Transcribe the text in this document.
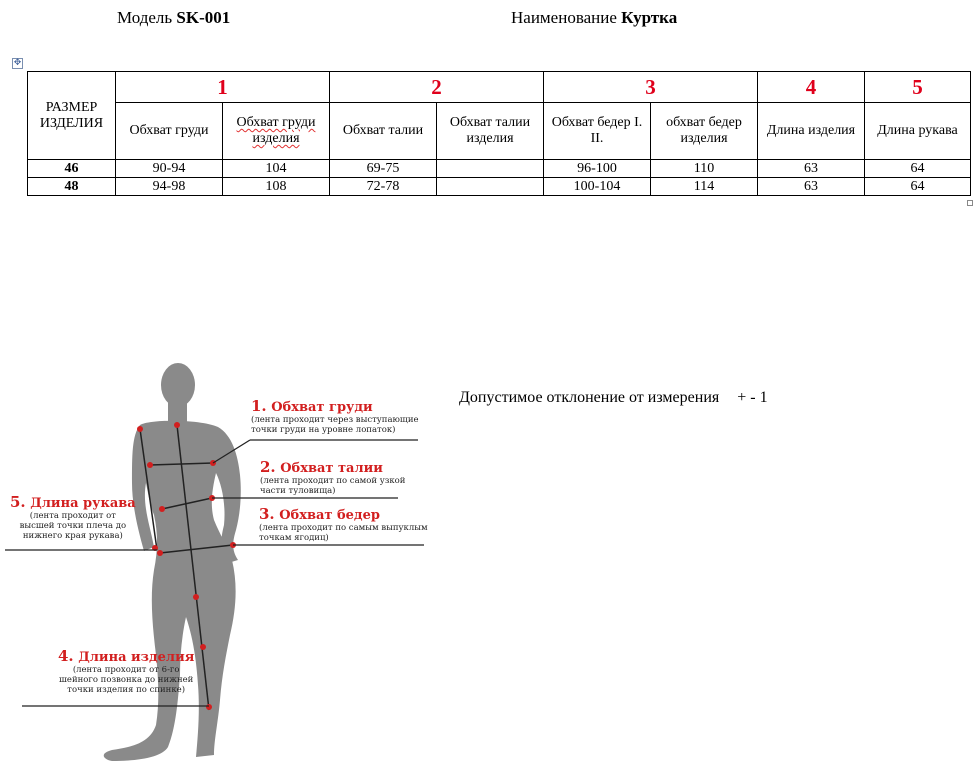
Модель SK-001	Наименование Куртка
✥
РАЗМЕР ИЗДЕЛИЯ	1		2		3		4	5
	Обхват груди	Обхват груди изделия	Обхват талии	Обхват талии изделия	Обхват бедер I. II.	обхват бедер изделия	Длина изделия	Длина рукава
46	90-94	104	69-75		96-100	110	63	64
48	94-98	108	72-78		100-104	114	63	64
Допустимое отклонение от измерения + - 1
1. Обхват груди
(лента проходит через выступающие
точки груди на уровне лопаток)
2. Обхват талии
(лента проходит по самой узкой
части туловища)
3. Обхват бедер
(лента проходит по самым выпуклым
точкам ягодиц)
5. Длина рукава
(лента проходит от
высшей точки плеча до
нижнего края рукава)
4. Длина изделия
(лента проходит от 6-го
шейного позвонка до нижней
точки изделия по спинке)
